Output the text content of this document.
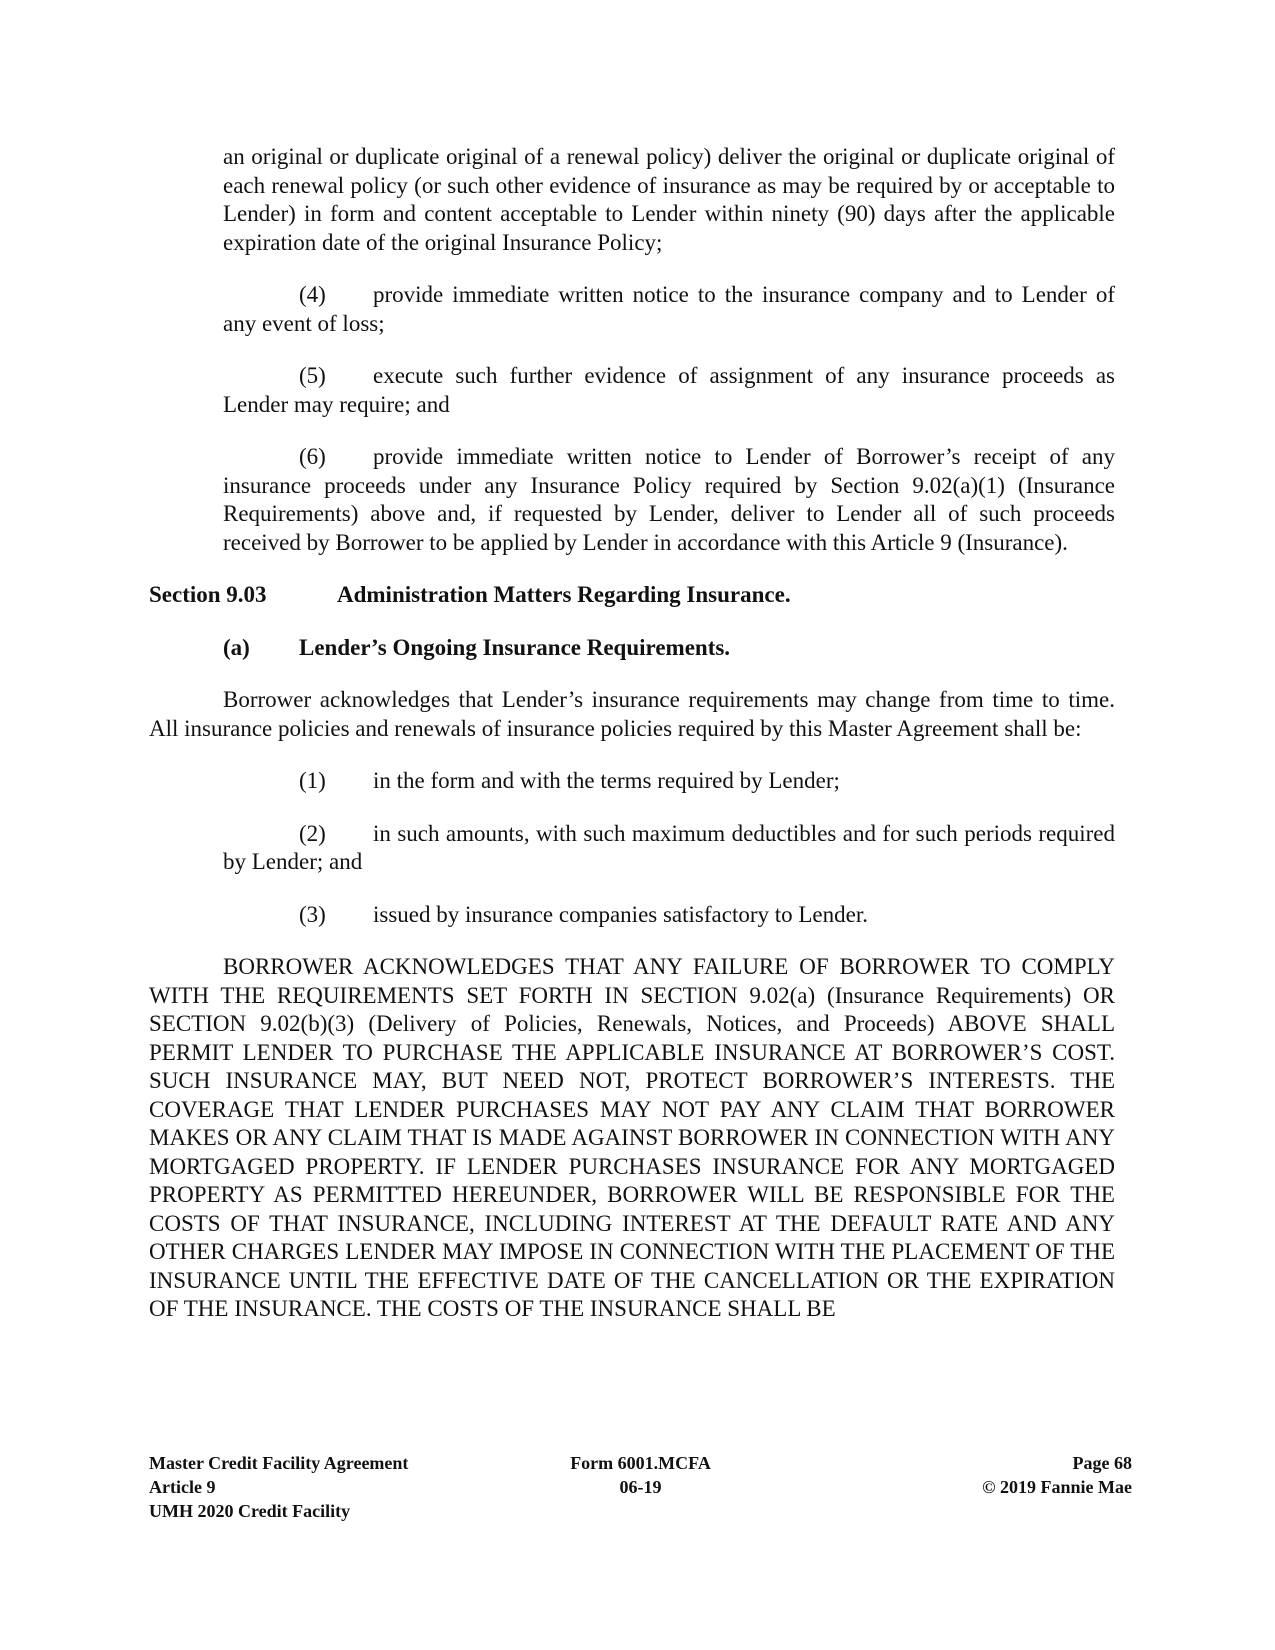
an original or duplicate original of a renewal policy) deliver the original or duplicate original of each renewal policy (or such other evidence of insurance as may be required by or acceptable to Lender) in form and content acceptable to Lender within ninety (90) days after the applicable expiration date of the original Insurance Policy;

(4) provide immediate written notice to the insurance company and to Lender of any event of loss;

(5) execute such further evidence of assignment of any insurance proceeds as Lender may require; and

(6) provide immediate written notice to Lender of Borrower’s receipt of any insurance proceeds under any Insurance Policy required by Section 9.02(a)(1) (Insurance Requirements) above and, if requested by Lender, deliver to Lender all of such proceeds received by Borrower to be applied by Lender in accordance with this Article 9 (Insurance).

Section 9.03	Administration Matters Regarding Insurance.

(a) Lender’s Ongoing Insurance Requirements.

Borrower acknowledges that Lender’s insurance requirements may change from time to time. All insurance policies and renewals of insurance policies required by this Master Agreement shall be:

(1) in the form and with the terms required by Lender;

(2) in such amounts, with such maximum deductibles and for such periods required by Lender; and

(3) issued by insurance companies satisfactory to Lender.

BORROWER ACKNOWLEDGES THAT ANY FAILURE OF BORROWER TO COMPLY WITH THE REQUIREMENTS SET FORTH IN SECTION 9.02(a) (Insurance Requirements) OR SECTION 9.02(b)(3) (Delivery of Policies, Renewals, Notices, and Proceeds) ABOVE SHALL PERMIT LENDER TO PURCHASE THE APPLICABLE INSURANCE AT BORROWER’S COST. SUCH INSURANCE MAY, BUT NEED NOT, PROTECT BORROWER’S INTERESTS. THE COVERAGE THAT LENDER PURCHASES MAY NOT PAY ANY CLAIM THAT BORROWER MAKES OR ANY CLAIM THAT IS MADE AGAINST BORROWER IN CONNECTION WITH ANY MORTGAGED PROPERTY. IF LENDER PURCHASES INSURANCE FOR ANY MORTGAGED PROPERTY AS PERMITTED HEREUNDER, BORROWER WILL BE RESPONSIBLE FOR THE COSTS OF THAT INSURANCE, INCLUDING INTEREST AT THE DEFAULT RATE AND ANY OTHER CHARGES LENDER MAY IMPOSE IN CONNECTION WITH THE PLACEMENT OF THE INSURANCE UNTIL THE EFFECTIVE DATE OF THE CANCELLATION OR THE EXPIRATION OF THE INSURANCE. THE COSTS OF THE INSURANCE SHALL BE

Master Credit Facility Agreement
Article 9
UMH 2020 Credit Facility
Form 6001.MCFA
06-19
Page 68
© 2019 Fannie Mae
